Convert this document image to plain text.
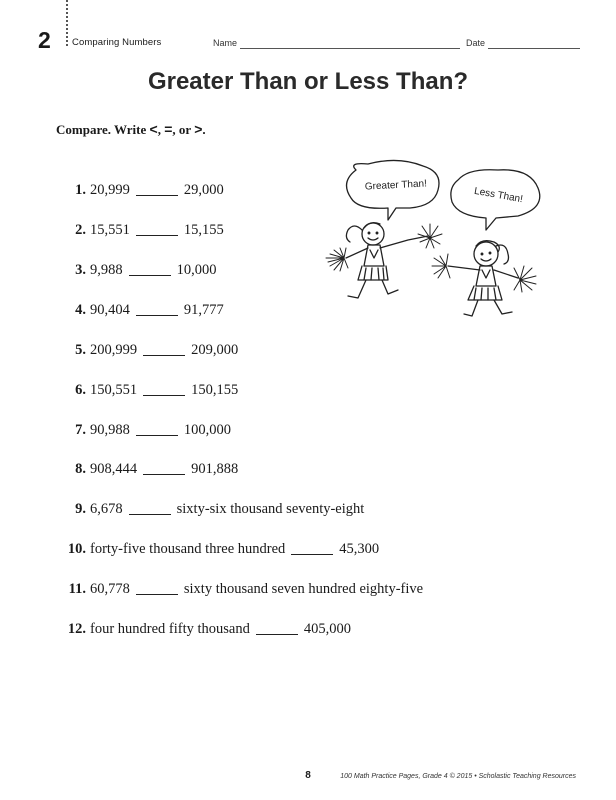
2 Comparing Numbers	Name	Date
Greater Than or Less Than?
Compare. Write <, =, or >.
1. 20,999	29,000
2. 15,551	15,155
3. 9,988	10,000
4. 90,404	91,777
5. 200,999	209,000
6. 150,551	150,155
7. 90,988	100,000
8. 908,444	901,888
9. 6,678	sixty-six thousand seventy-eight
10. forty-five thousand three hundred	45,300
11. 60,778	sixty thousand seven hundred eighty-five
12. four hundred fifty thousand	405,000
Greater Than!
Less Than!
8	100 Math Practice Pages, Grade 4 © 2015 • Scholastic Teaching Resources
